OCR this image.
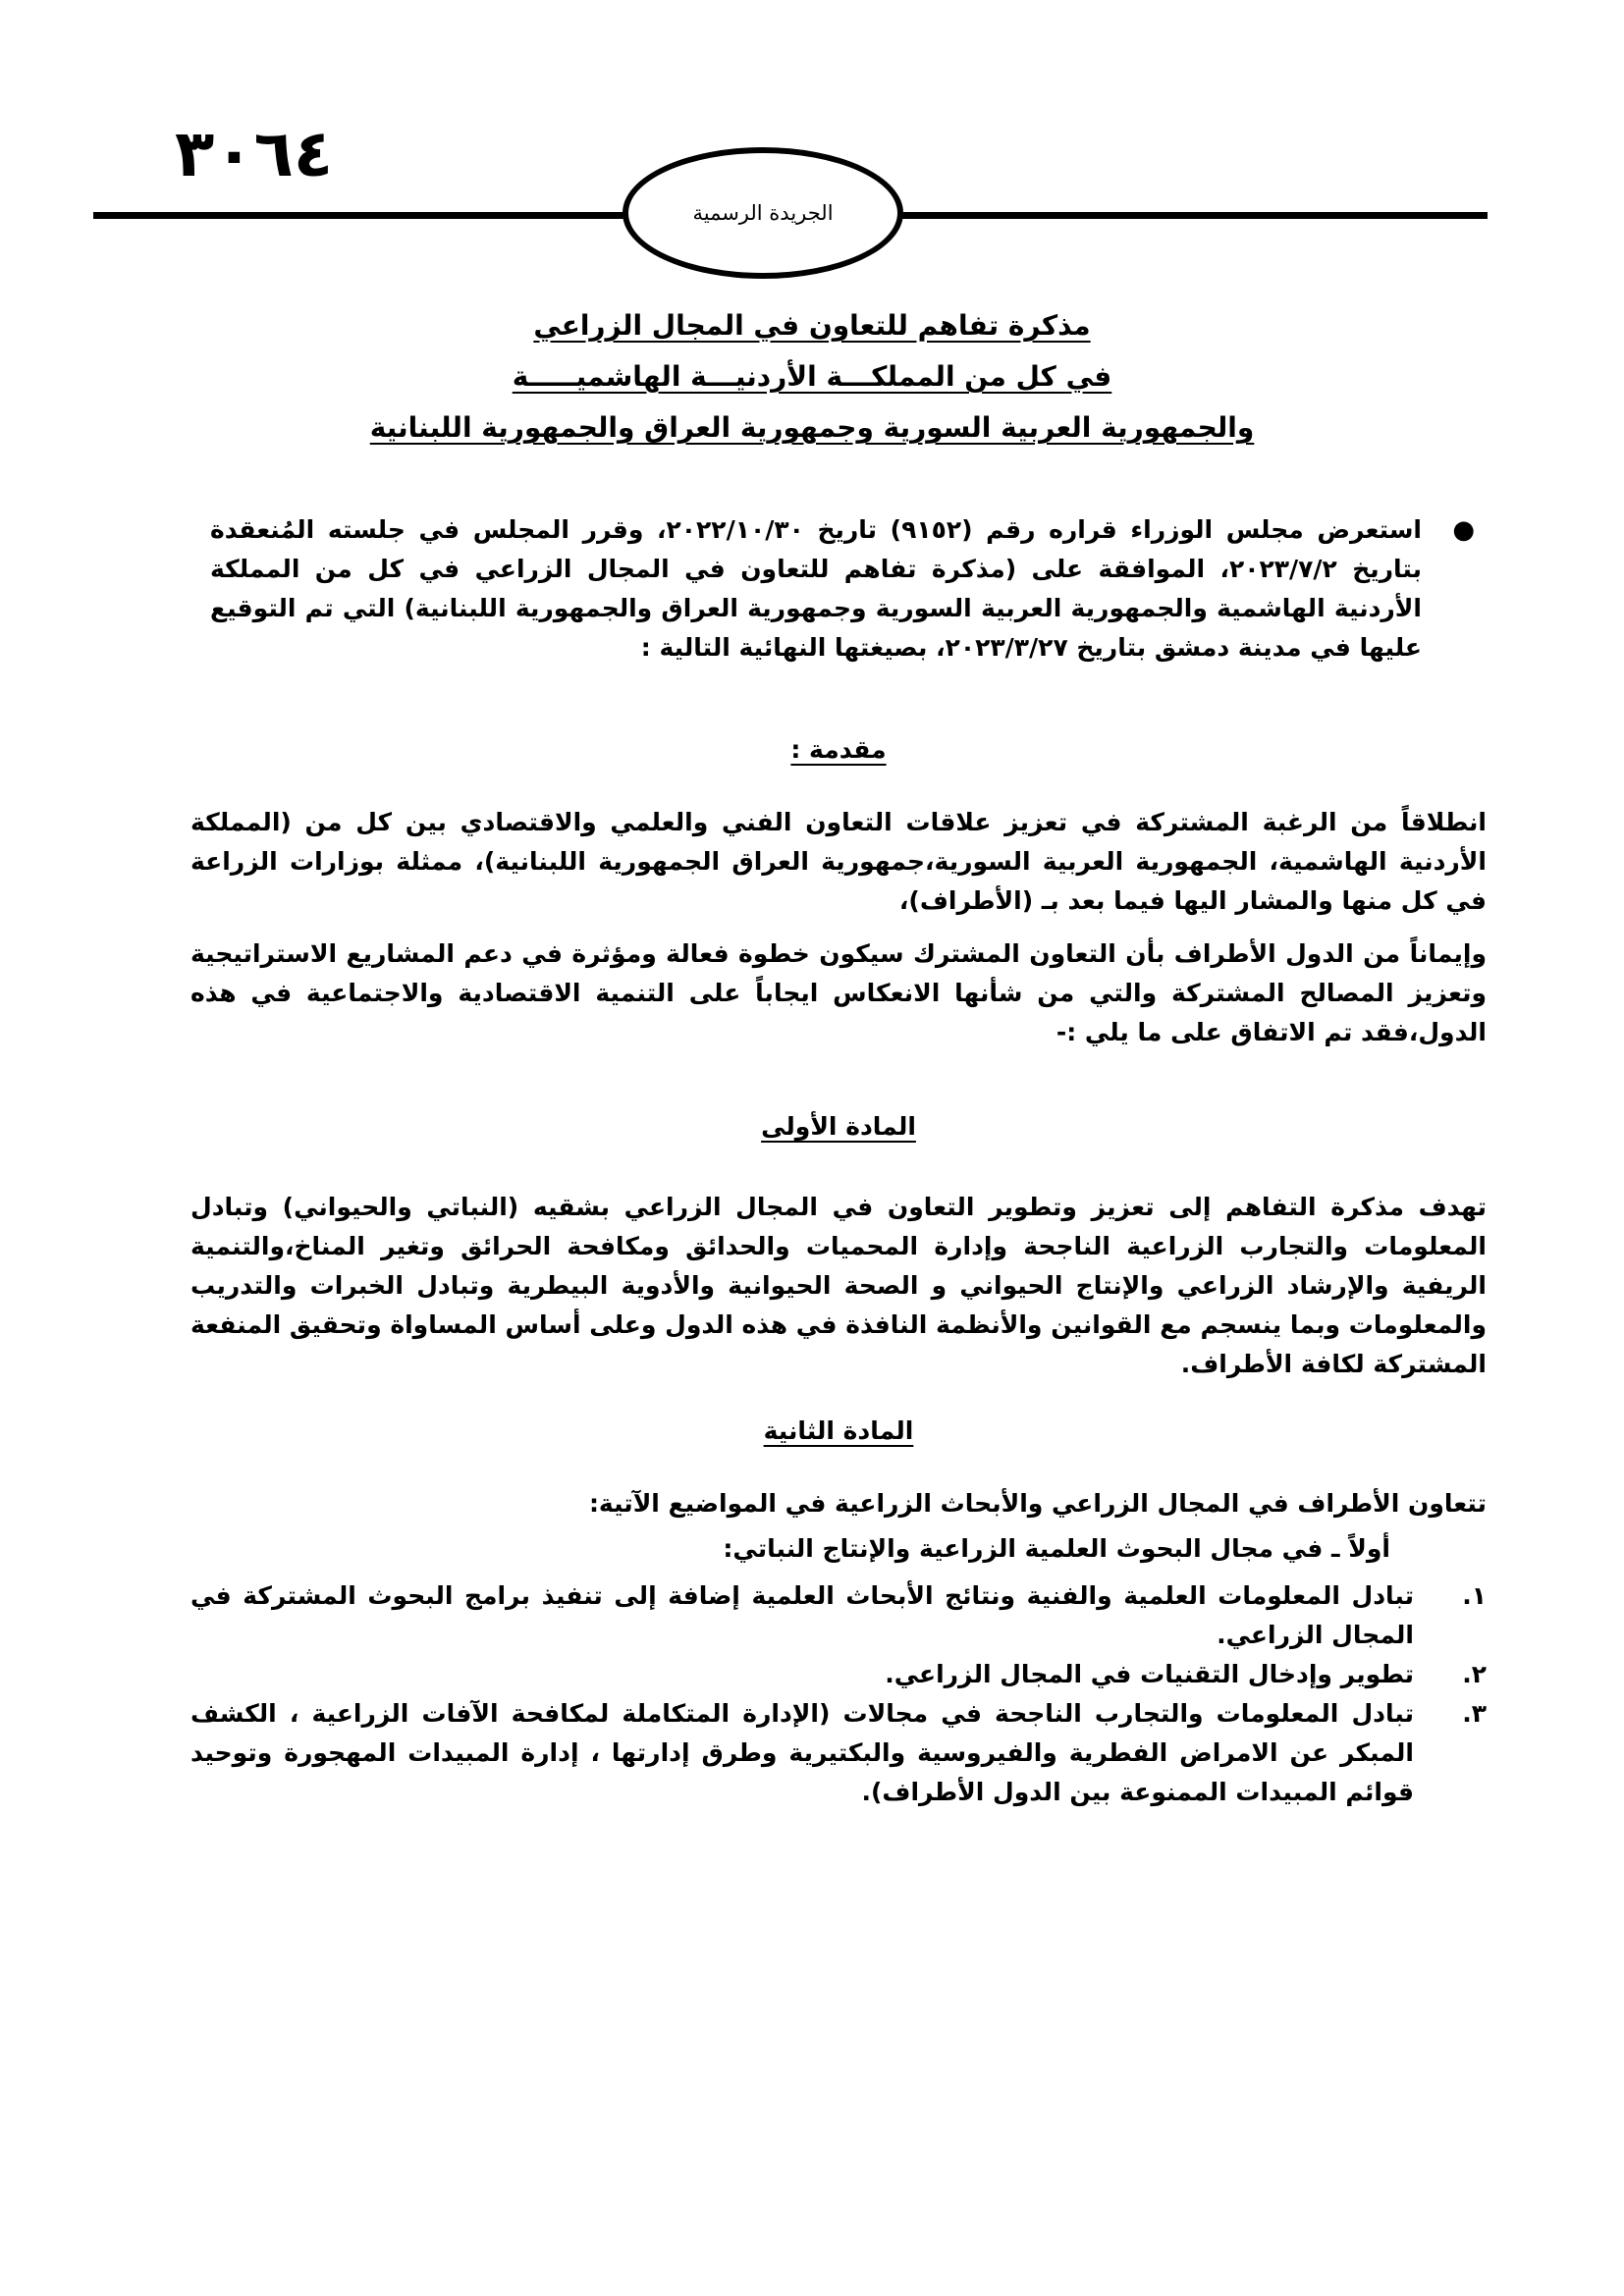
٣٠٦٤
الجريدة الرسمية
مذكرة تفاهم للتعاون في المجال الزراعي
في كل من المملكـــة الأردنيـــة الهاشميـــــة
والجمهورية العربية السورية وجمهورية العراق والجمهورية اللبنانية
●

استعرض مجلس الوزراء قراره رقم (٩١٥٢) تاريخ ٢٠٢٢/١٠/٣٠، وقرر المجلس في جلسته المُنعقدة بتاريخ ٢٠٢٣/٧/٢، الموافقة على (مذكرة تفاهم للتعاون في المجال الزراعي في كل من المملكة الأردنية الهاشمية والجمهورية العربية السورية وجمهورية العراق والجمهورية اللبنانية) التي تم التوقيع عليها في مدينة دمشق بتاريخ ٢٠٢٣/٣/٢٧، بصيغتها النهائية التالية :

مقدمة :

انطلاقاً من الرغبة المشتركة في تعزيز علاقات التعاون الفني والعلمي والاقتصادي بين كل من (المملكة الأردنية الهاشمية، الجمهورية العربية السورية،جمهورية العراق الجمهورية اللبنانية)، ممثلة بوزارات الزراعة في كل منها والمشار اليها فيما بعد بـ (الأطراف)،

وإيماناً من الدول الأطراف بأن التعاون المشترك سيكون خطوة فعالة ومؤثرة في دعم المشاريع الاستراتيجية وتعزيز المصالح المشتركة والتي من شأنها الانعكاس ايجاباً على التنمية الاقتصادية والاجتماعية في هذه الدول،فقد تم الاتفاق على ما يلي :-

المادة الأولى

تهدف مذكرة التفاهم إلى تعزيز وتطوير التعاون في المجال الزراعي بشقيه (النباتي والحيواني) وتبادل المعلومات والتجارب الزراعية الناجحة وإدارة المحميات والحدائق ومكافحة الحرائق وتغير المناخ،والتنمية الريفية والإرشاد الزراعي والإنتاج الحيواني و الصحة الحيوانية والأدوية البيطرية وتبادل الخبرات والتدريب والمعلومات وبما ينسجم مع القوانين والأنظمة النافذة في هذه الدول وعلى أساس المساواة وتحقيق المنفعة المشتركة لكافة الأطراف.

المادة الثانية

تتعاون الأطراف في المجال الزراعي والأبحاث الزراعية في المواضيع الآتية:

أولاً ـ في مجال البحوث العلمية الزراعية والإنتاج النباتي:

١.
تبادل المعلومات العلمية والفنية ونتائج الأبحاث العلمية إضافة إلى تنفيذ برامج البحوث المشتركة في المجال الزراعي.
٢.
تطوير وإدخال التقنيات في المجال الزراعي.
٣.
تبادل المعلومات والتجارب الناجحة في مجالات (الإدارة المتكاملة لمكافحة الآفات الزراعية ، الكشف المبكر عن الامراض الفطرية والفيروسية والبكتيرية وطرق إدارتها ، إدارة المبيدات المهجورة وتوحيد قوائم المبيدات الممنوعة بين الدول الأطراف).
